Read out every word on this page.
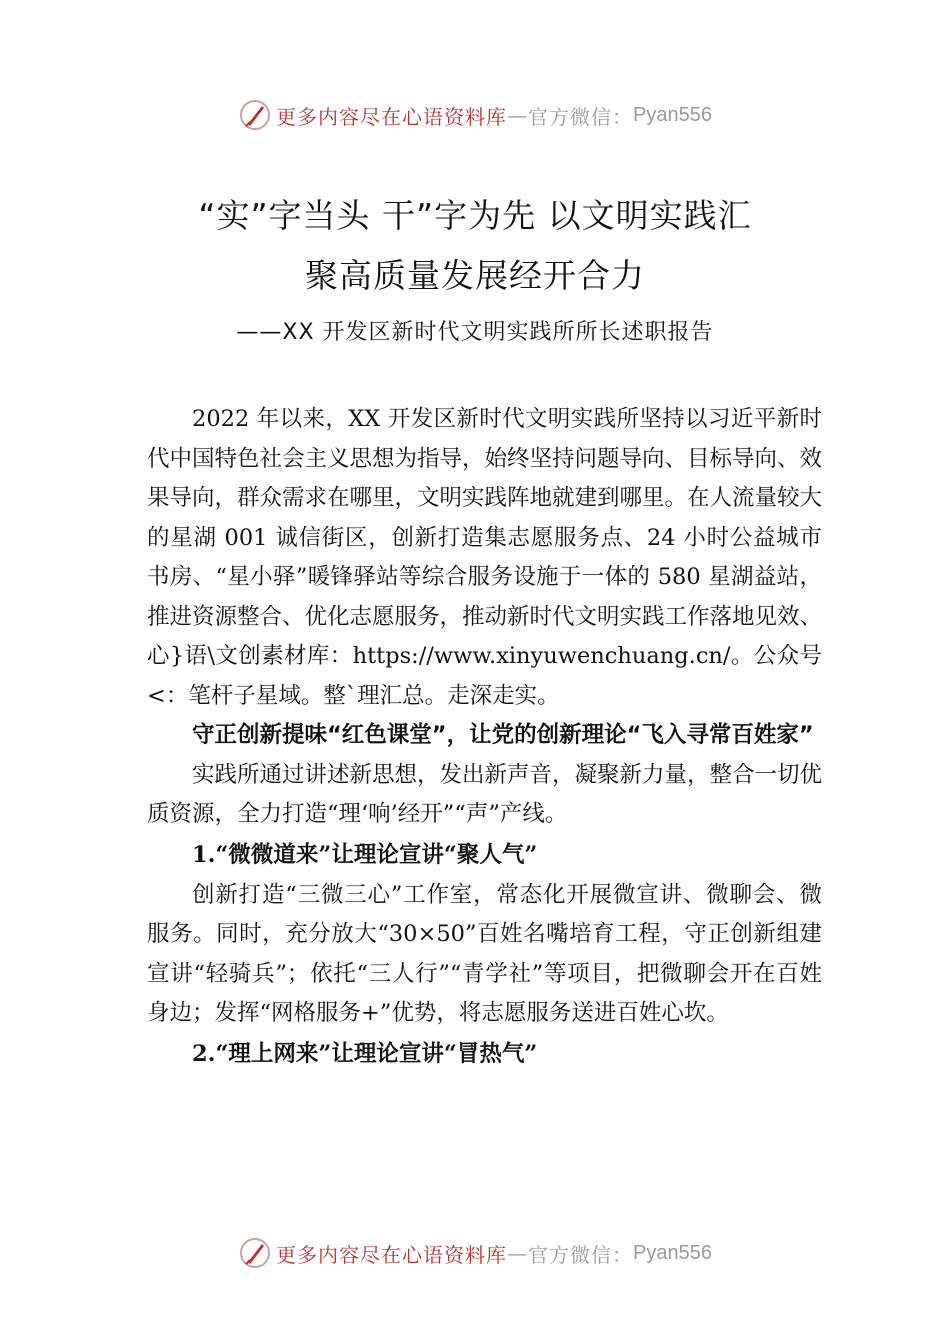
更多内容尽在心语资料库 — 官方微信： Pyan556
“实”字当头 干”字为先 以文明实践汇
聚高质量发展经开合力
——XX 开发区新时代文明实践所所长述职报告

2022 年以来，XX 开发区新时代文明实践所坚持以习近平新时代中国特色社会主义思想为指导，始终坚持问题导向、目标导向、效果导向，群众需求在哪里，文明实践阵地就建到哪里。在人流量较大的星湖 001 诚信街区，创新打造集志愿服务点、24 小时公益城市书房、“星小驿”暖锋驿站等综合服务设施于一体的 580 星湖益站，推进资源整合、优化志愿服务，推动新时代文明实践工作落地见效、心}语\文创素材库：https://www.xinyuwenchuang.cn/。公众号<：笔杆子星域。整`理汇总。走深走实。

守正创新提味“红色课堂”，让党的创新理论“飞入寻常百姓家”

实践所通过讲述新思想，发出新声音，凝聚新力量，整合一切优质资源，全力打造“理‘响’经开”“声”产线。

1.“微微道来”让理论宣讲“聚人气”

创新打造“三微三心”工作室，常态化开展微宣讲、微聊会、微服务。同时，充分放大“30×50”百姓名嘴培育工程，守正创新组建宣讲“轻骑兵”；依托“三人行”“青学社”等项目，把微聊会开在百姓身边；发挥“网格服务+”优势，将志愿服务送进百姓心坎。

2.“理上网来”让理论宣讲“冒热气”

更多内容尽在心语资料库 — 官方微信： Pyan556
